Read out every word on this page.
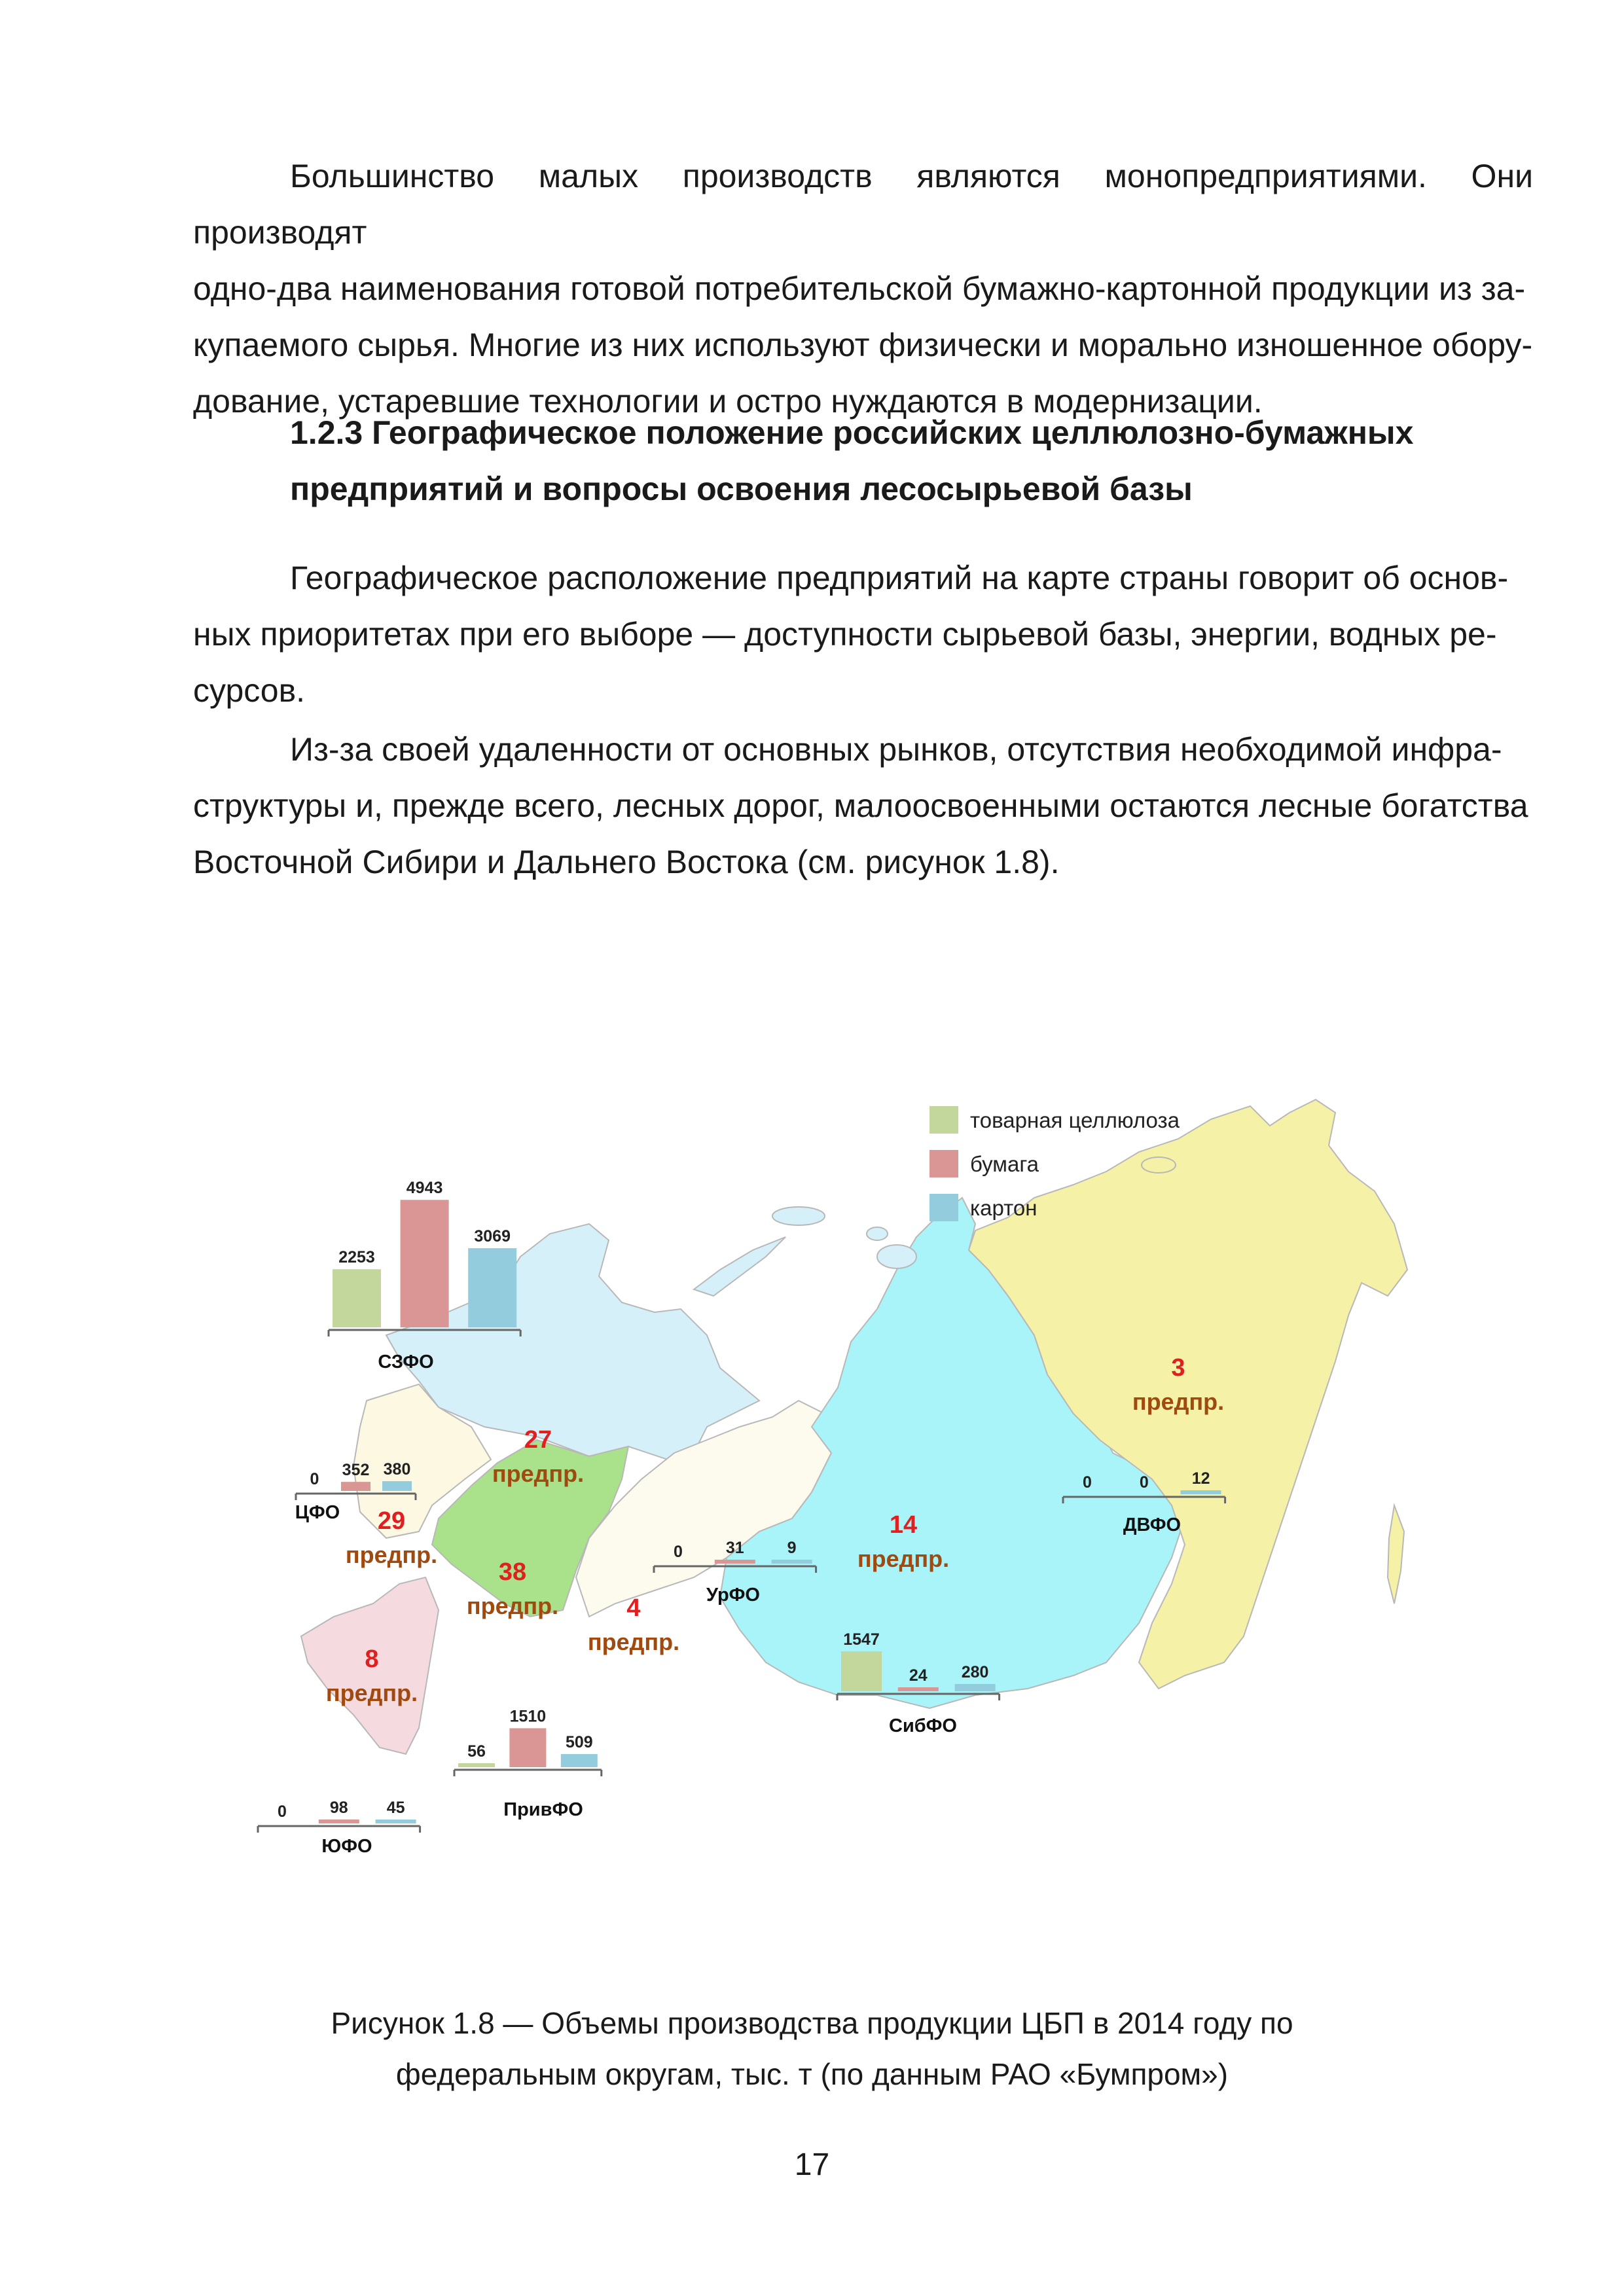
Большинство малых производств являются монопредприятиями. Они производят
одно-два наименования готовой потребительской бумажно-картонной продукции из за-
купаемого сырья. Многие из них используют физически и морально изношенное обору-
дование, устаревшие технологии и остро нуждаются в модернизации.

1.2.3 Географическое положение российских целлюлозно-бумажных
предприятий и вопросы освоения лесосырьевой базы

Географическое расположение предприятий на карте страны говорит об основ-
ных приоритетах при его выборе — доступности сырьевой базы, энергии, водных ре-
сурсов.

Из-за своей удаленности от основных рынков, отсутствия необходимой инфра-
структуры и, прежде всего, лесных дорог, малоосвоенными остаются лесные богатства
Восточной Сибири и Дальнего Востока (см. рисунок 1.8).

товарная целлюлоза
бумага
картон
2253
4943
3069
0 352 380
56
1510
509
0	98 45
0	31	9
1547
24 280
0	0	12
СЗФО
ЦФО
ПривФО
ЮФО
УрФО
СибФО
ДВФО
27
предпр.
29
предпр.
38
предпр.
8
предпр.
4
предпр.
14
предпр.
3
предпр.
Рисунок 1.8 — Объемы производства продукции ЦБП в 2014 году по
федеральным округам, тыс. т (по данным РАО «Бумпром»)
17
